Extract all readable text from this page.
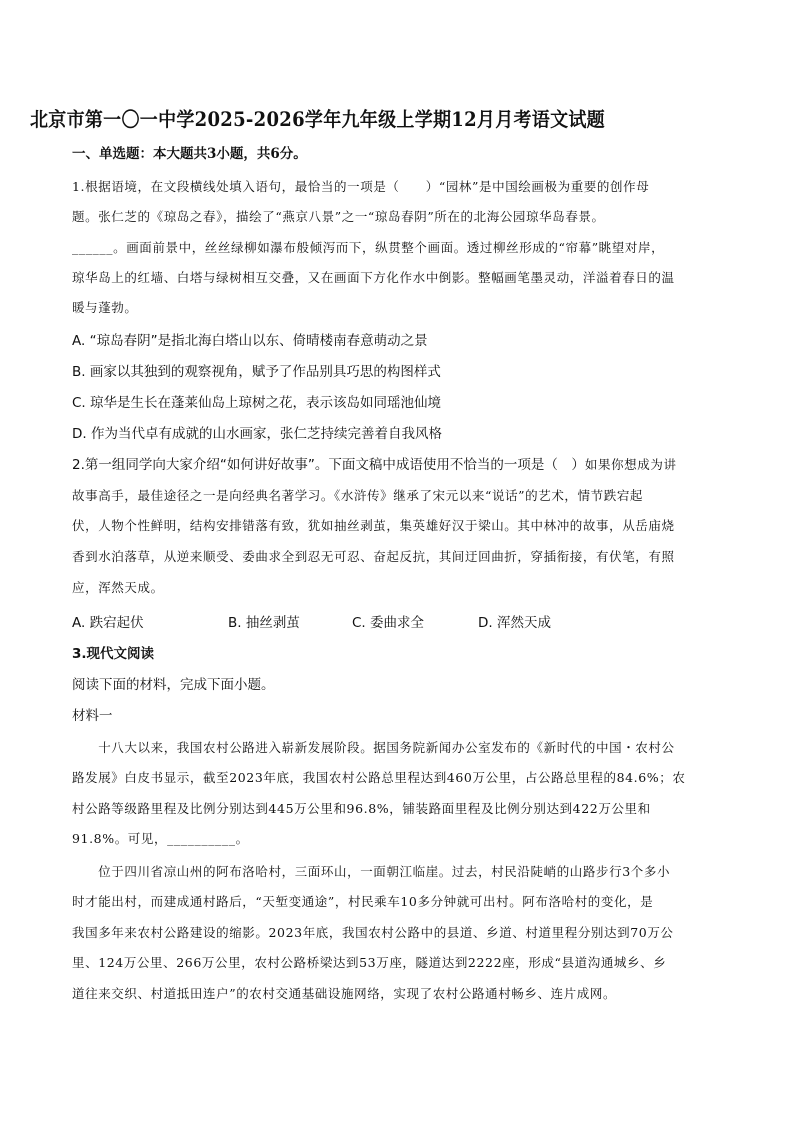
北京市第一〇一中学2025-2026学年九年级上学期12月月考语文试题
一、单选题：本大题共3小题，共6分。
1.根据语境，在文段横线处填入语句，最恰当的一项是（　　）“园林”是中国绘画极为重要的创作母
题。张仁芝的《琼岛之春》，描绘了“燕京八景”之一“琼岛春阴”所在的北海公园琼华岛春景。
______。画面前景中，丝丝绿柳如瀑布般倾泻而下，纵贯整个画面。透过柳丝形成的“帘幕”眺望对岸，
琼华岛上的红墙、白塔与绿树相互交叠，又在画面下方化作水中倒影。整幅画笔墨灵动，洋溢着春日的温
暖与蓬勃。
A. “琼岛春阴”是指北海白塔山以东、倚晴楼南春意萌动之景
B. 画家以其独到的观察视角，赋予了作品别具巧思的构图样式
C. 琼华是生长在蓬莱仙岛上琼树之花，表示该岛如同瑶池仙境
D. 作为当代卓有成就的山水画家，张仁芝持续完善着自我风格
2.第一组同学向大家介绍“如何讲好故事”。下面文稿中成语使用不恰当的一项是（　）如果你想成为讲
故事高手，最佳途径之一是向经典名著学习。《水浒传》继承了宋元以来“说话”的艺术，情节跌宕起
伏，人物个性鲜明，结构安排错落有致，犹如抽丝剥茧，集英雄好汉于梁山。其中林冲的故事，从岳庙烧
香到水泊落草，从逆来顺受、委曲求全到忍无可忍、奋起反抗，其间迂回曲折，穿插衔接，有伏笔，有照
应，浑然天成。
A. 跌宕起伏	B. 抽丝剥茧	C. 委曲求全	D. 浑然天成
3.现代文阅读
阅读下面的材料，完成下面小题。
材料一
　　十八大以来，我国农村公路进入崭新发展阶段。据国务院新闻办公室发布的《新时代的中国・农村公
路发展》白皮书显示，截至2023年底，我国农村公路总里程达到460万公里，占公路总里程的84.6%；农
村公路等级路里程及比例分别达到445万公里和96.8%，铺装路面里程及比例分别达到422万公里和
91.8%。可见，__________。
　　位于四川省凉山州的阿布洛哈村，三面环山，一面朝江临崖。过去，村民沿陡峭的山路步行3个多小
时才能出村，而建成通村路后，“天堑变通途”，村民乘车10多分钟就可出村。阿布洛哈村的变化，是
我国多年来农村公路建设的缩影。2023年底，我国农村公路中的县道、乡道、村道里程分别达到70万公
里、124万公里、266万公里，农村公路桥梁达到53万座，隧道达到2222座，形成“县道沟通城乡、乡
道往来交织、村道抵田连户”的农村交通基础设施网络，实现了农村公路通村畅乡、连片成网。
